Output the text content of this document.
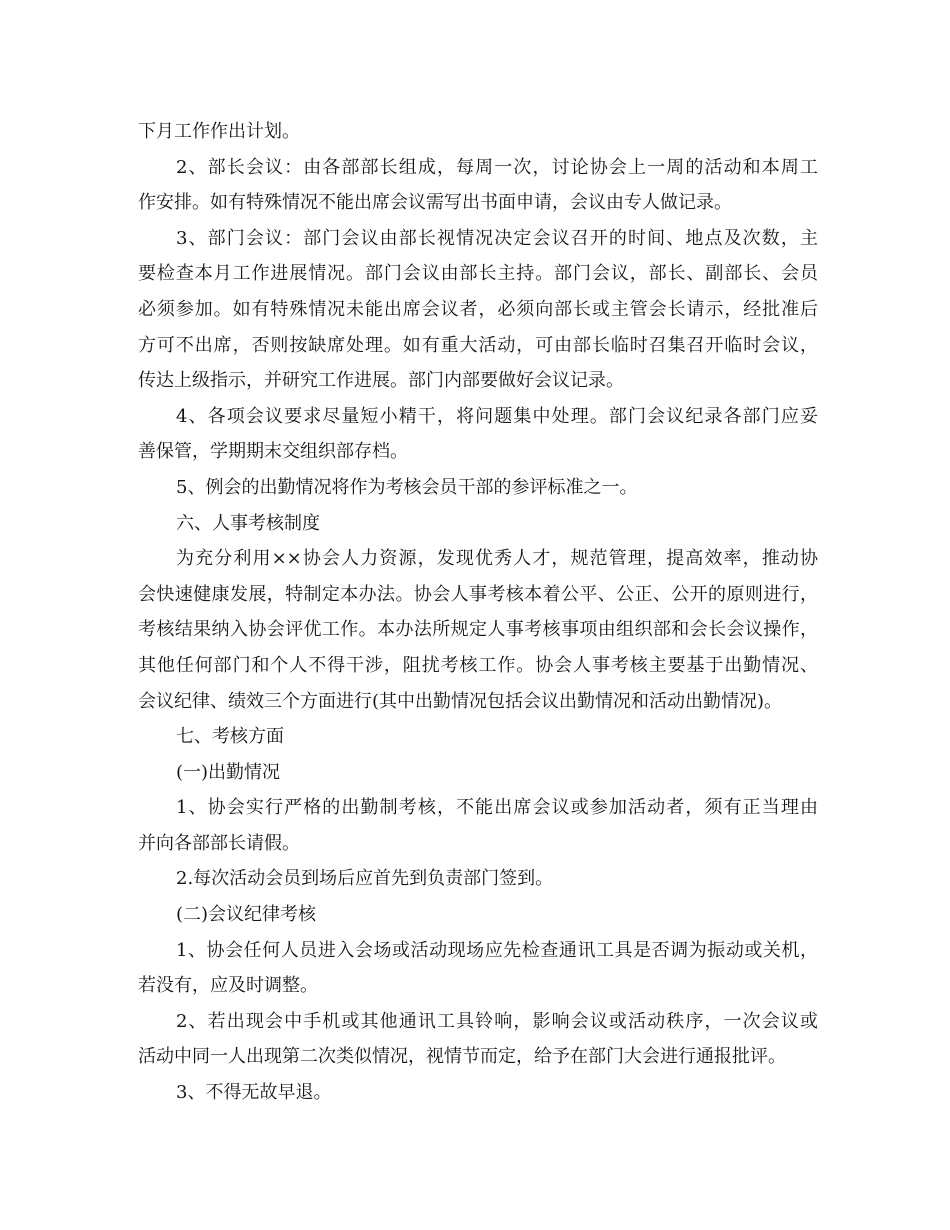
下月工作作出计划。
2、部长会议：由各部部长组成，每周一次，讨论协会上一周的活动和本周工
作安排。如有特殊情况不能出席会议需写出书面申请，会议由专人做记录。
3、部门会议：部门会议由部长视情况决定会议召开的时间、地点及次数，主
要检查本月工作进展情况。部门会议由部长主持。部门会议，部长、副部长、会员
必须参加。如有特殊情况未能出席会议者，必须向部长或主管会长请示，经批准后
方可不出席，否则按缺席处理。如有重大活动，可由部长临时召集召开临时会议，
传达上级指示，并研究工作进展。部门内部要做好会议记录。
4、各项会议要求尽量短小精干，将问题集中处理。部门会议纪录各部门应妥
善保管，学期期末交组织部存档。
5、例会的出勤情况将作为考核会员干部的参评标准之一。
六、人事考核制度
为充分利用××协会人力资源，发现优秀人才，规范管理，提高效率，推动协
会快速健康发展，特制定本办法。协会人事考核本着公平、公正、公开的原则进行，
考核结果纳入协会评优工作。本办法所规定人事考核事项由组织部和会长会议操作，
其他任何部门和个人不得干涉，阻扰考核工作。协会人事考核主要基于出勤情况、
会议纪律、绩效三个方面进行(其中出勤情况包括会议出勤情况和活动出勤情况)。
七、考核方面
(一)出勤情况
1、协会实行严格的出勤制考核，不能出席会议或参加活动者，须有正当理由
并向各部部长请假。
2.每次活动会员到场后应首先到负责部门签到。
(二)会议纪律考核
1、协会任何人员进入会场或活动现场应先检查通讯工具是否调为振动或关机，
若没有，应及时调整。
2、若出现会中手机或其他通讯工具铃响，影响会议或活动秩序，一次会议或
活动中同一人出现第二次类似情况，视情节而定，给予在部门大会进行通报批评。
3、不得无故早退。
